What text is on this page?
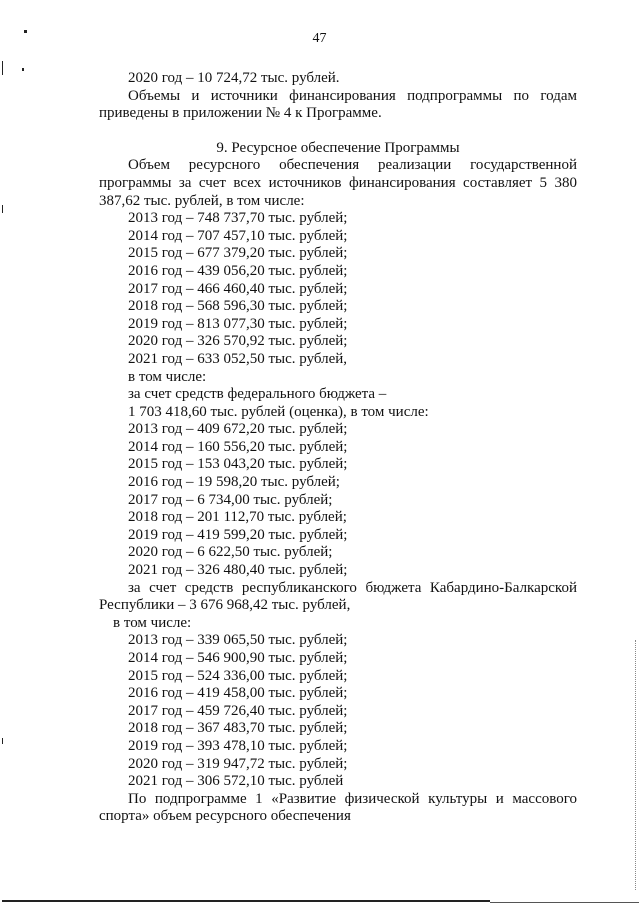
47

2020 год – 10 724,72 тыс. рублей.

Объемы и источники финансирования подпрограммы по годам приведены в приложении № 4 к Программе.

9. Ресурсное обеспечение Программы

Объем ресурсного обеспечения реализации государственной программы за счет всех источников финансирования составляет 5 380 387,62 тыс. рублей, в том числе:

2013 год – 748 737,70 тыс. рублей;

2014 год – 707 457,10 тыс. рублей;

2015 год – 677 379,20 тыс. рублей;

2016 год – 439 056,20 тыс. рублей;

2017 год – 466 460,40 тыс. рублей;

2018 год – 568 596,30 тыс. рублей;

2019 год – 813 077,30 тыс. рублей;

2020 год – 326 570,92 тыс. рублей;

2021 год – 633 052,50 тыс. рублей,

в том числе:

за счет средств федерального бюджета –

1 703 418,60 тыс. рублей (оценка), в том числе:

2013 год – 409 672,20 тыс. рублей;

2014 год – 160 556,20 тыс. рублей;

2015 год – 153 043,20 тыс. рублей;

2016 год – 19 598,20 тыс. рублей;

2017 год – 6 734,00 тыс. рублей;

2018 год – 201 112,70 тыс. рублей;

2019 год – 419 599,20 тыс. рублей;

2020 год – 6 622,50 тыс. рублей;

2021 год – 326 480,40 тыс. рублей;

за счет средств республиканского бюджета Кабардино-Балкарской Республики – 3 676 968,42 тыс. рублей,

в том числе:

2013 год – 339 065,50 тыс. рублей;

2014 год – 546 900,90 тыс. рублей;

2015 год – 524 336,00 тыс. рублей;

2016 год – 419 458,00 тыс. рублей;

2017 год – 459 726,40 тыс. рублей;

2018 год – 367 483,70 тыс. рублей;

2019 год – 393 478,10 тыс. рублей;

2020 год – 319 947,72 тыс. рублей;

2021 год – 306 572,10 тыс. рублей

По подпрограмме 1 «Развитие физической культуры и массового спорта» объем ресурсного обеспечения
